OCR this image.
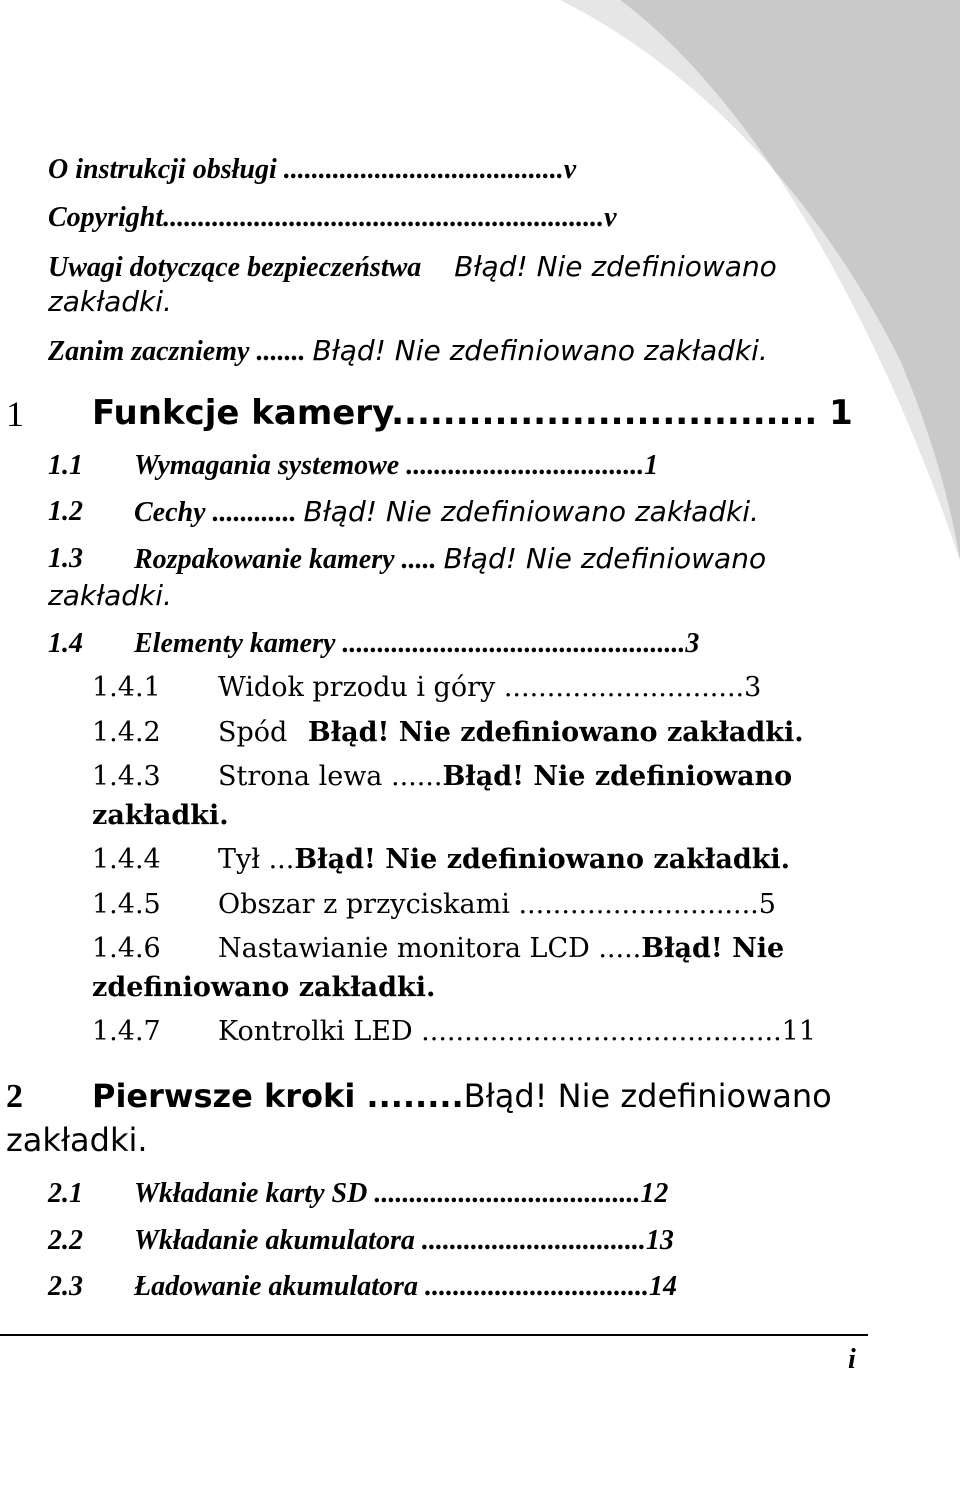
O instrukcji obsługi ........................................v
Copyright...............................................................v
Uwagi dotyczące bezpieczeństwa Błąd! Nie zdefiniowano
zakładki.
Zanim zaczniemy ....... Błąd! Nie zdefiniowano zakładki.
1 Funkcje kamery................................. 1
1.1 Wymagania systemowe ..................................1
1.2 Cechy ............ Błąd! Nie zdefiniowano zakładki.
1.3 Rozpakowanie kamery ..... Błąd! Nie zdefiniowano
zakładki.
1.4 Elementy kamery .................................................3
1.4.1 Widok przodu i góry ............................3
1.4.2 Spód Błąd! Nie zdefiniowano zakładki.
1.4.3 Strona lewa ......Błąd! Nie zdefiniowano
zakładki.
1.4.4 Tył ...Błąd! Nie zdefiniowano zakładki.
1.4.5 Obszar z przyciskami ............................5
1.4.6 Nastawianie monitora LCD .....Błąd! Nie
zdefiniowano zakładki.
1.4.7 Kontrolki LED ..........................................11
2 Pierwsze kroki ........Błąd! Nie zdefiniowano
zakładki.
2.1 Wkładanie karty SD ......................................12
2.2 Wkładanie akumulatora ................................13
2.3 Ładowanie akumulatora ................................14
i
